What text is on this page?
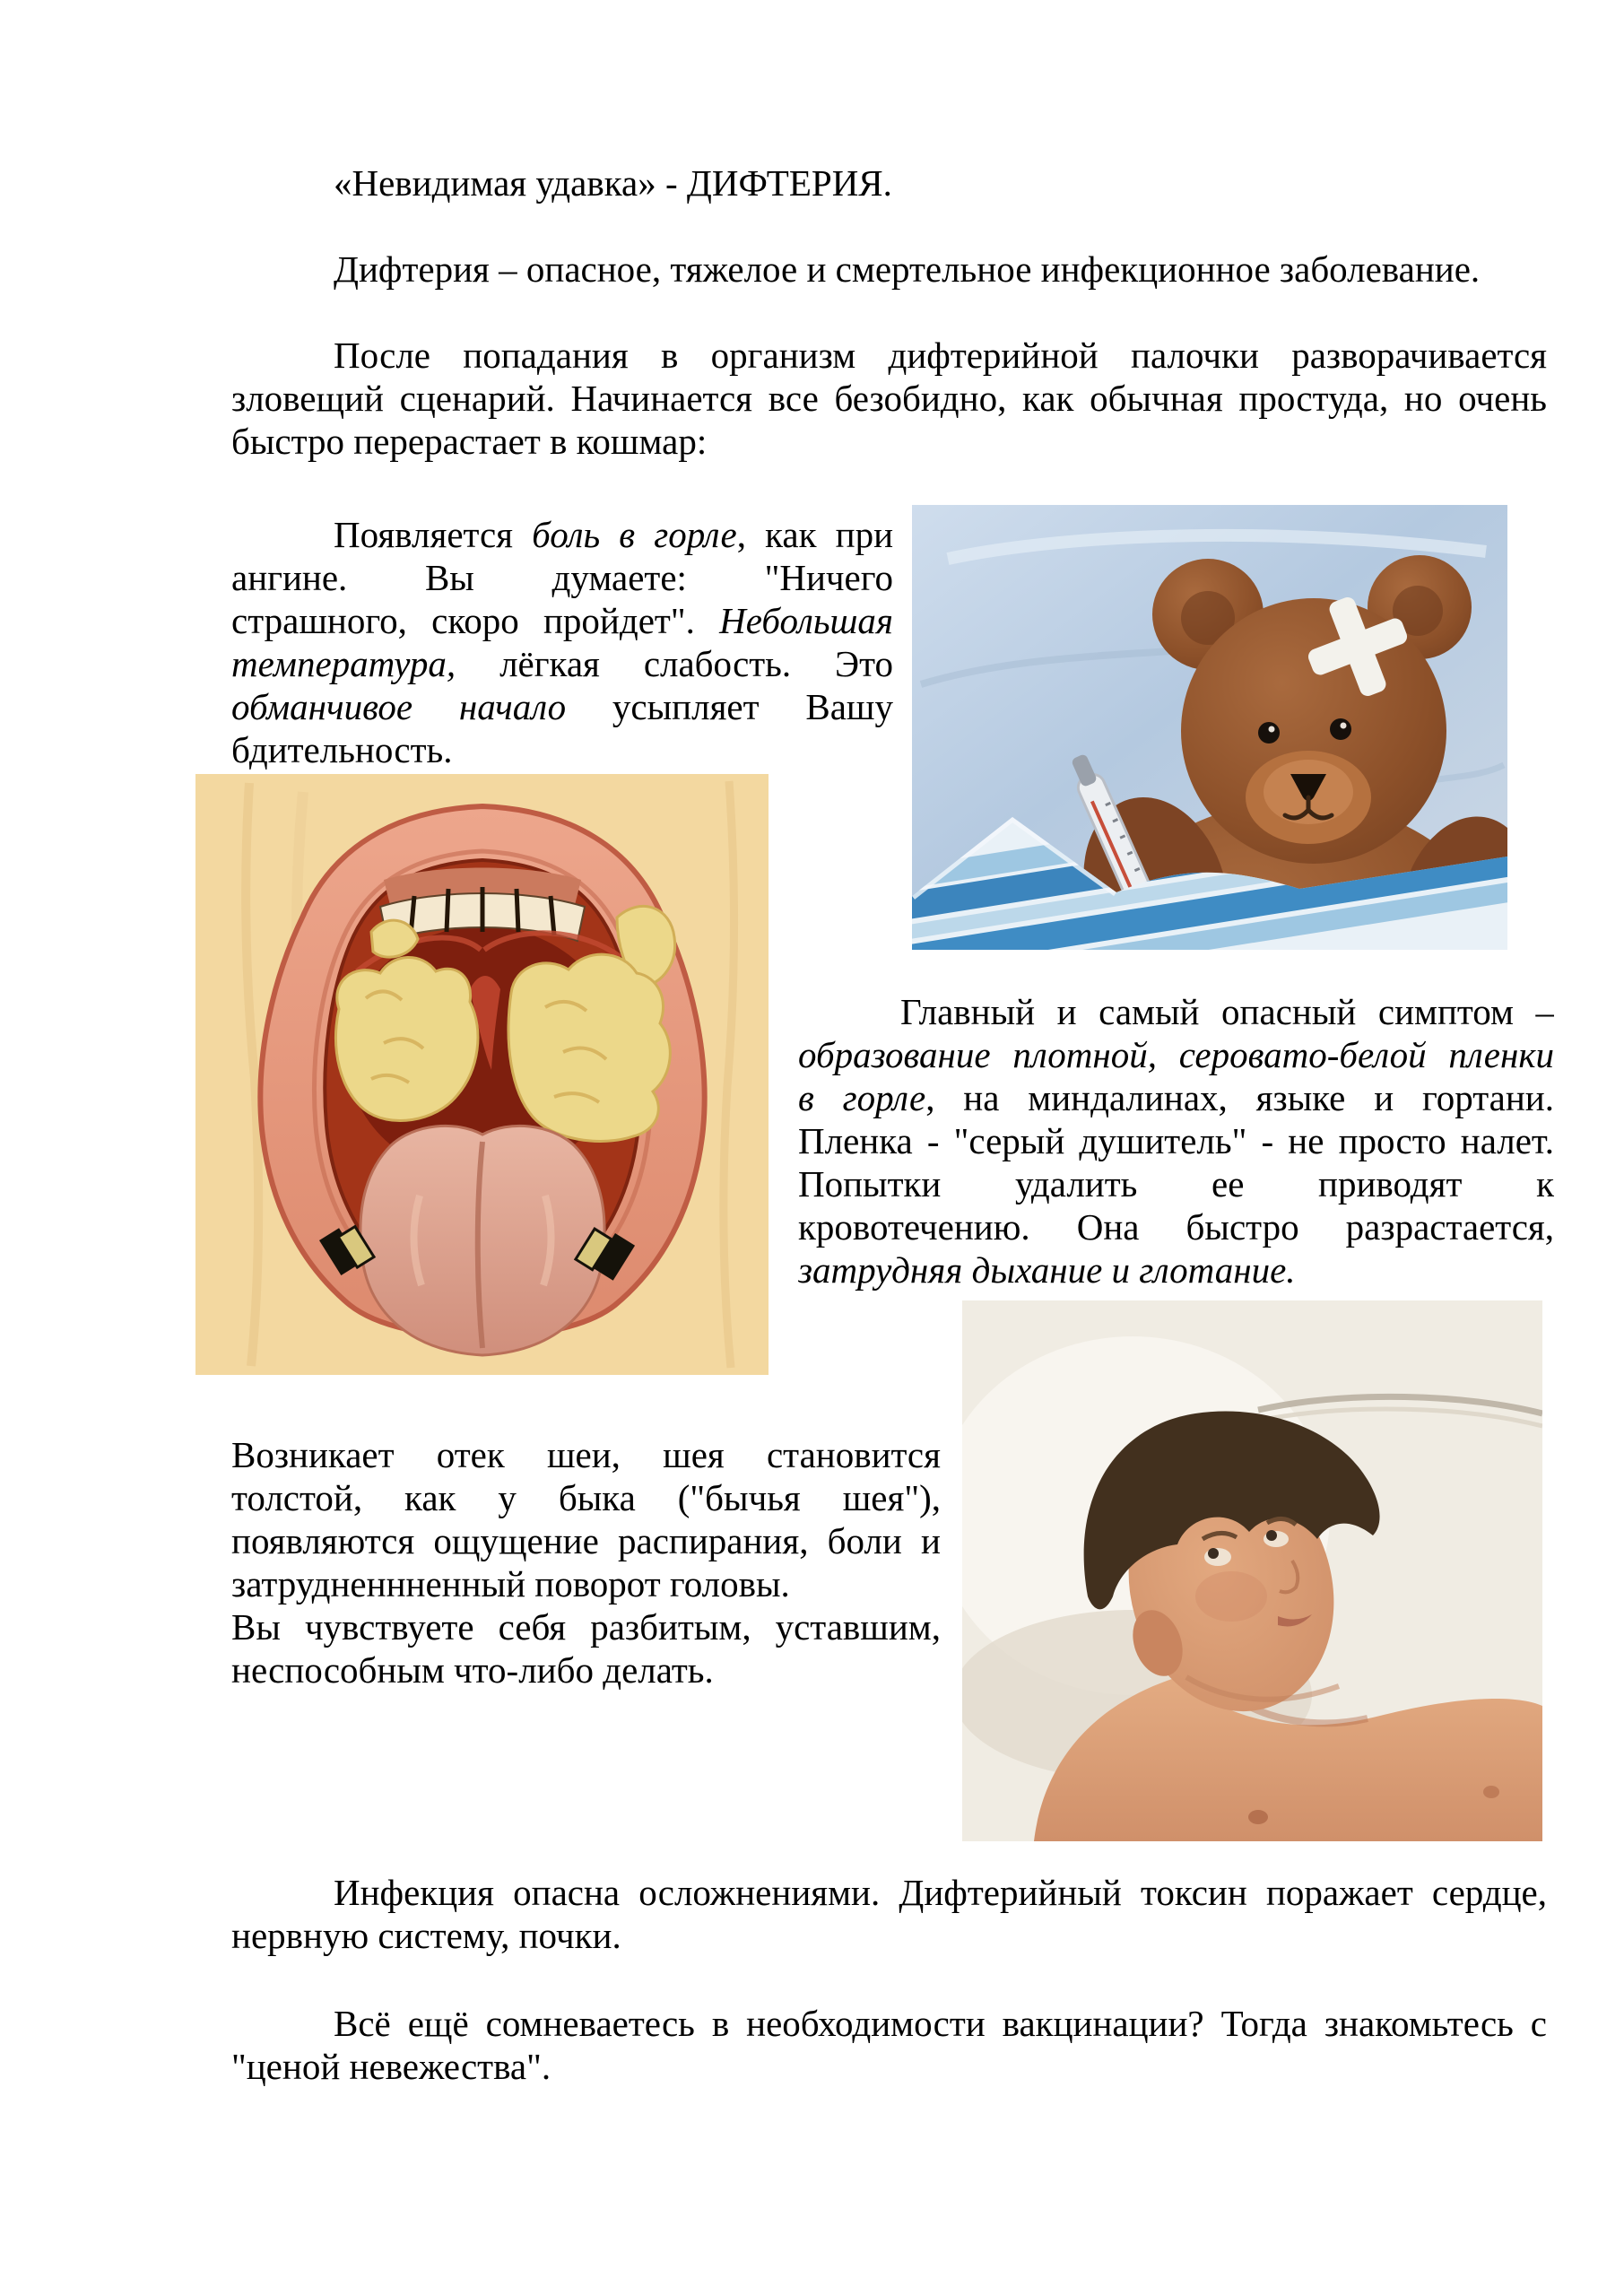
«Невидимая удавка» - ДИФТЕРИЯ.
Дифтерия – опасное, тяжелое и смертельное инфекционное заболевание.
После попадания в организм дифтерийной палочки разворачивается
зловещий сценарий. Начинается все безобидно, как обычная простуда, но очень
быстро перерастает в кошмар:
Появляется боль в горле, как при
ангине. Вы думаете: "Ничего
страшного, скоро пройдет". Небольшая
температура, лёгкая слабость. Это
обманчивое начало усыпляет Вашу
бдительность.
Главный и самый опасный симптом –
образование плотной, серовато-белой пленки
в горле, на миндалинах, языке и гортани.
Пленка - "серый душитель" - не просто налет.
Попытки удалить ее приводят к
кровотечению. Она быстро разрастается,
затрудняя дыхание и глотание.
Возникает отек шеи, шея становится
толстой, как у быка ("бычья шея"),
появляются ощущение распирания, боли и
затрудненнненный поворот головы.
Вы чувствуете себя разбитым, уставшим,
неспособным что-либо делать.
Инфекция опасна осложнениями. Дифтерийный токсин поражает сердце,
нервную систему, почки.
Всё ещё сомневаетесь в необходимости вакцинации? Тогда знакомьтесь с
"ценой невежества".
